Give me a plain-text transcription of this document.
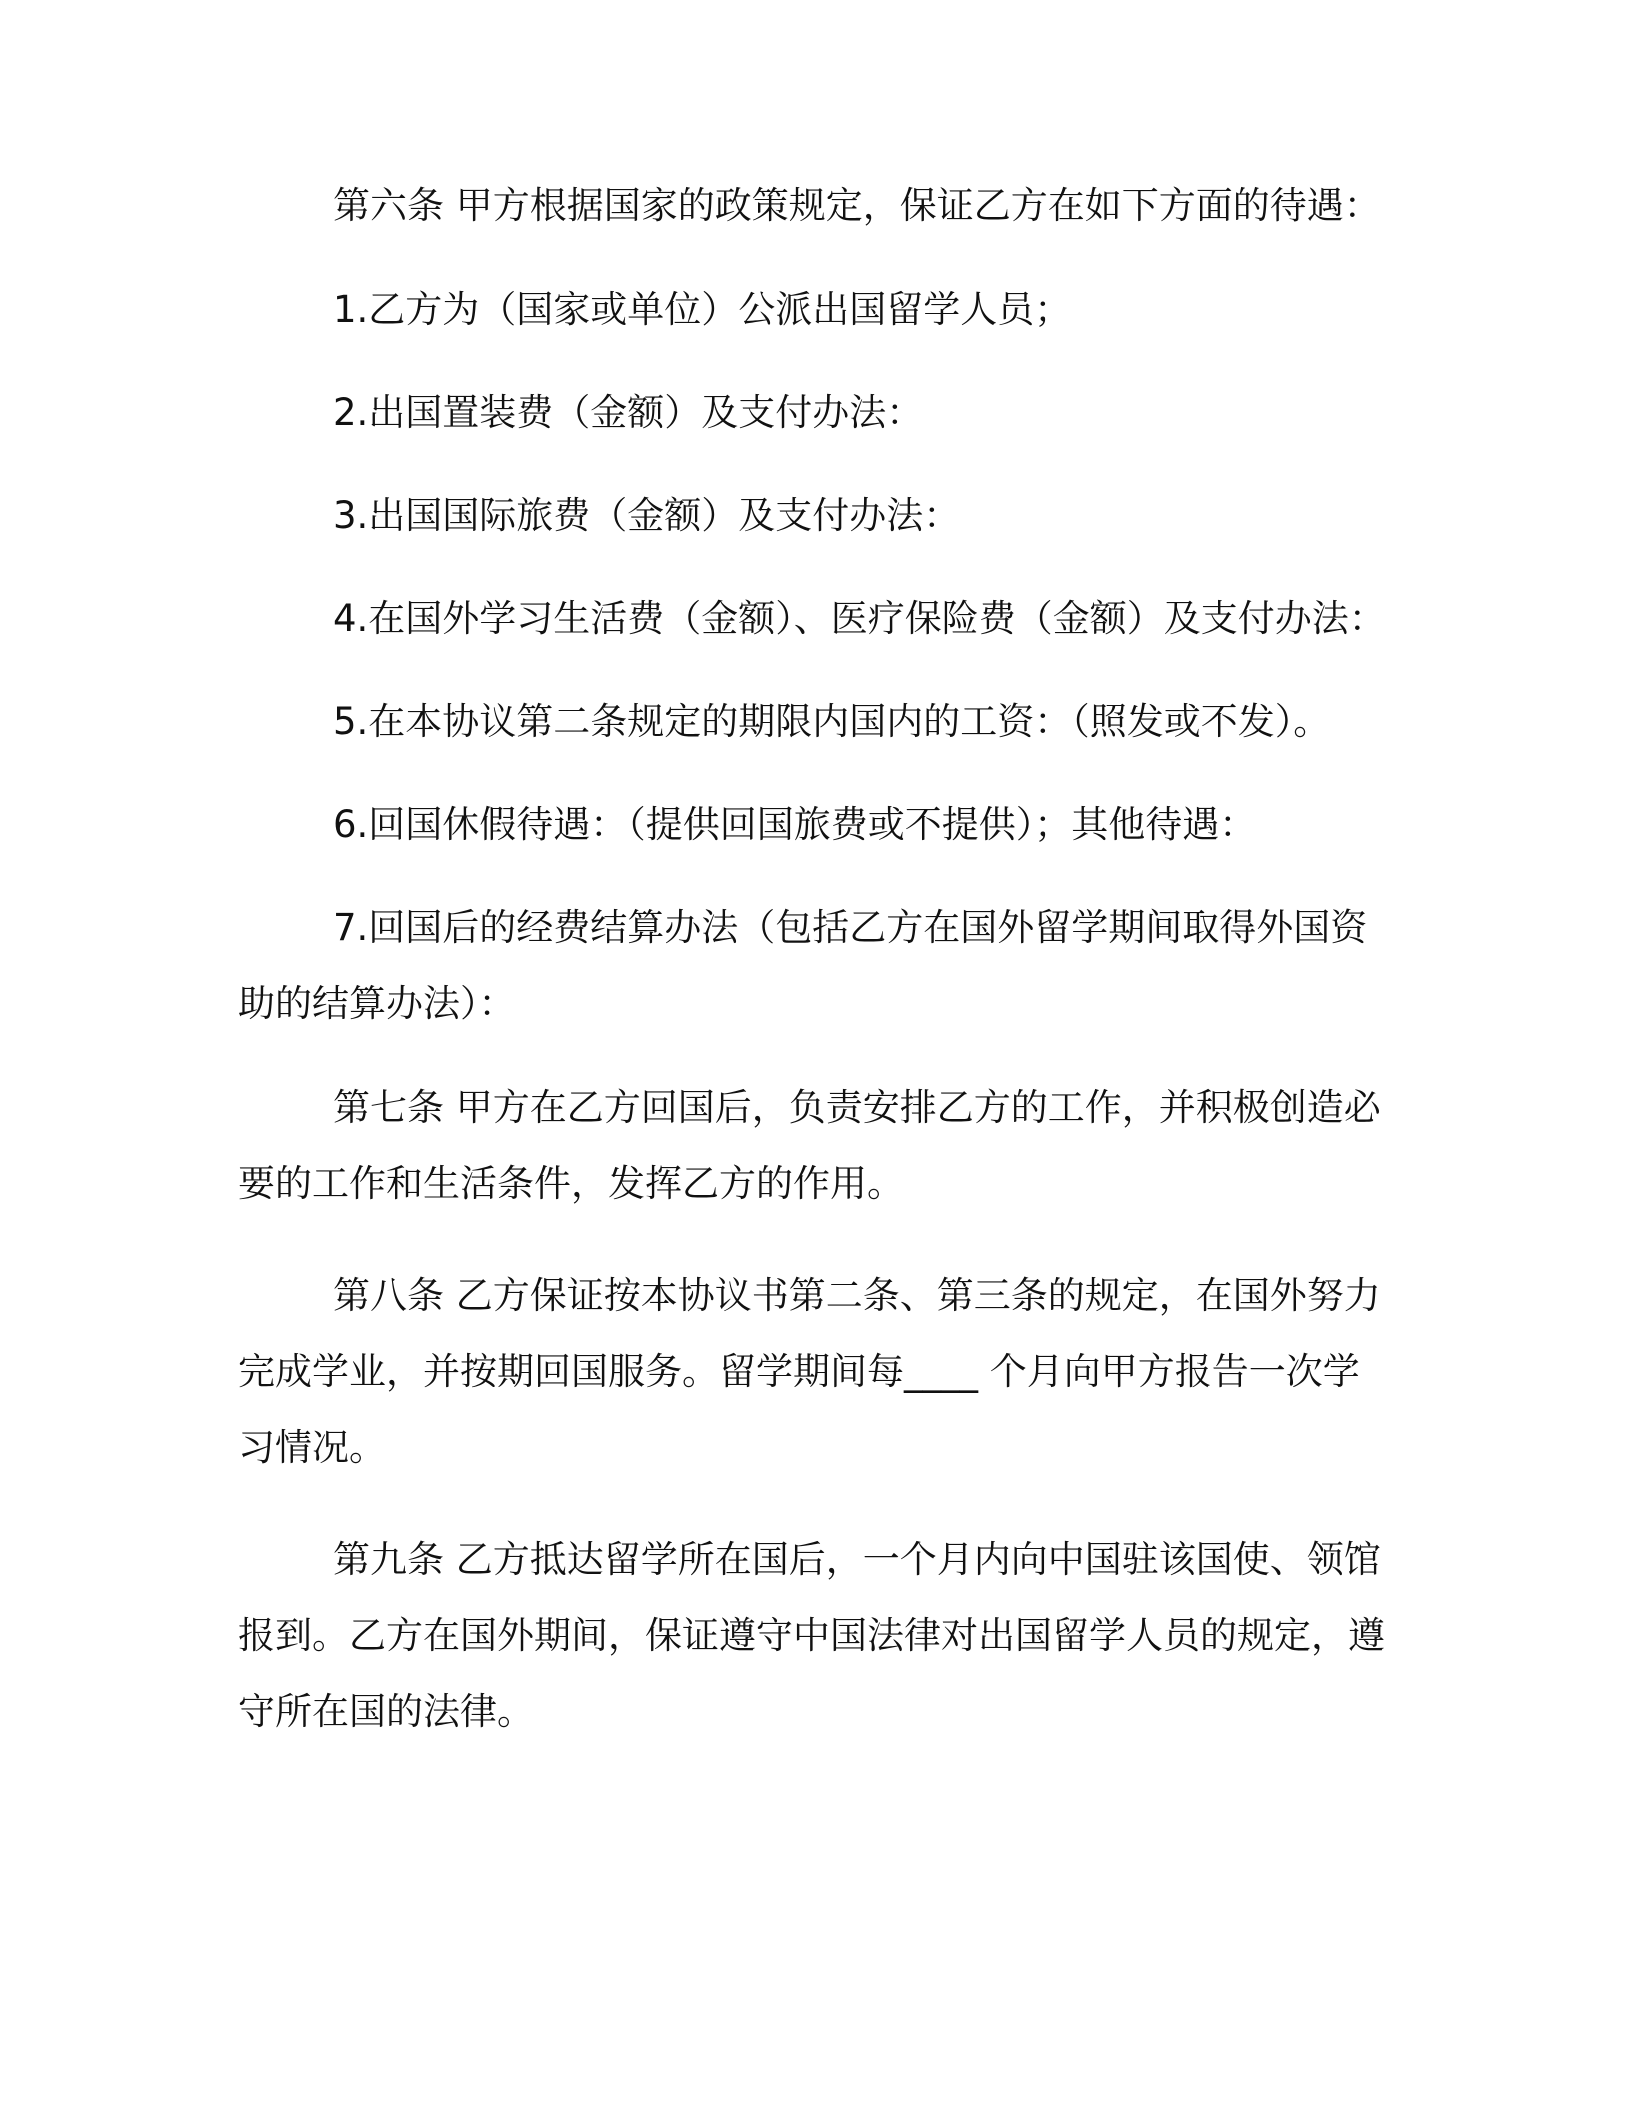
第六条 甲方根据国家的政策规定，保证乙方在如下方面的待遇：

1.乙方为（国家或单位）公派出国留学人员；

2.出国置装费（金额）及支付办法：

3.出国国际旅费（金额）及支付办法：

4.在国外学习生活费（金额）、医疗保险费（金额）及支付办法：

5.在本协议第二条规定的期限内国内的工资：（照发或不发）。

6.回国休假待遇：（提供回国旅费或不提供）；其他待遇：

7.回国后的经费结算办法（包括乙方在国外留学期间取得外国资助的结算办法）：

第七条 甲方在乙方回国后，负责安排乙方的工作，并积极创造必要的工作和生活条件，发挥乙方的作用。

第八条 乙方保证按本协议书第二条、第三条的规定，在国外努力完成学业，并按期回国服务。留学期间每____ 个月向甲方报告一次学习情况。

第九条 乙方抵达留学所在国后，一个月内向中国驻该国使、领馆报到。乙方在国外期间，保证遵守中国法律对出国留学人员的规定，遵守所在国的法律。
